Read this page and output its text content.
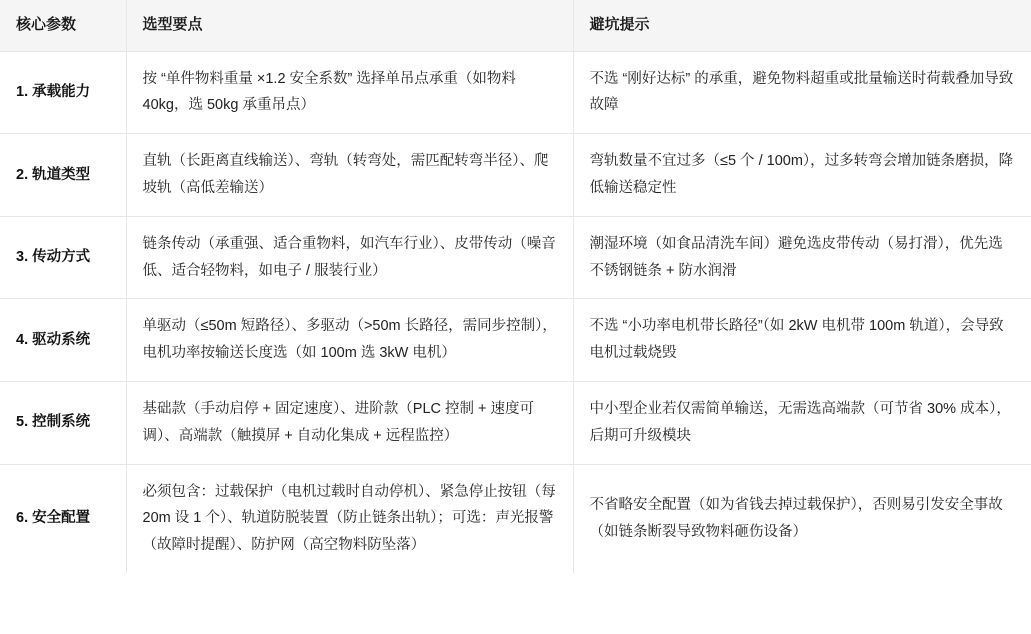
核心参数	选型要点	避坑提示
1. 承载能力	按 “单件物料重量 ×1.2 安全系数” 选择单吊点承重（如物料 40kg，选 50kg 承重吊点）	不选 “刚好达标” 的承重，避免物料超重或批量输送时荷载叠加导致故障
2. 轨道类型	直轨（长距离直线输送）、弯轨（转弯处，需匹配转弯半径）、爬坡轨（高低差输送）	弯轨数量不宜过多（≤5 个 / 100m），过多转弯会增加链条磨损，降低输送稳定性
3. 传动方式	链条传动（承重强、适合重物料，如汽车行业）、皮带传动（噪音低、适合轻物料，如电子 / 服装行业）	潮湿环境（如食品清洗车间）避免选皮带传动（易打滑），优先选不锈钢链条 + 防水润滑
4. 驱动系统	单驱动（≤50m 短路径）、多驱动（>50m 长路径，需同步控制），电机功率按输送长度选（如 100m 选 3kW 电机）	不选 “小功率电机带长路径”（如 2kW 电机带 100m 轨道），会导致电机过载烧毁
5. 控制系统	基础款（手动启停 + 固定速度）、进阶款（PLC 控制 + 速度可调）、高端款（触摸屏 + 自动化集成 + 远程监控）	中小型企业若仅需简单输送，无需选高端款（可节省 30% 成本），后期可升级模块
6. 安全配置	必须包含：过载保护（电机过载时自动停机）、紧急停止按钮（每 20m 设 1 个）、轨道防脱装置（防止链条出轨）；可选：声光报警（故障时提醒）、防护网（高空物料防坠落）	不省略安全配置（如为省钱去掉过载保护），否则易引发安全事故（如链条断裂导致物料砸伤设备）
